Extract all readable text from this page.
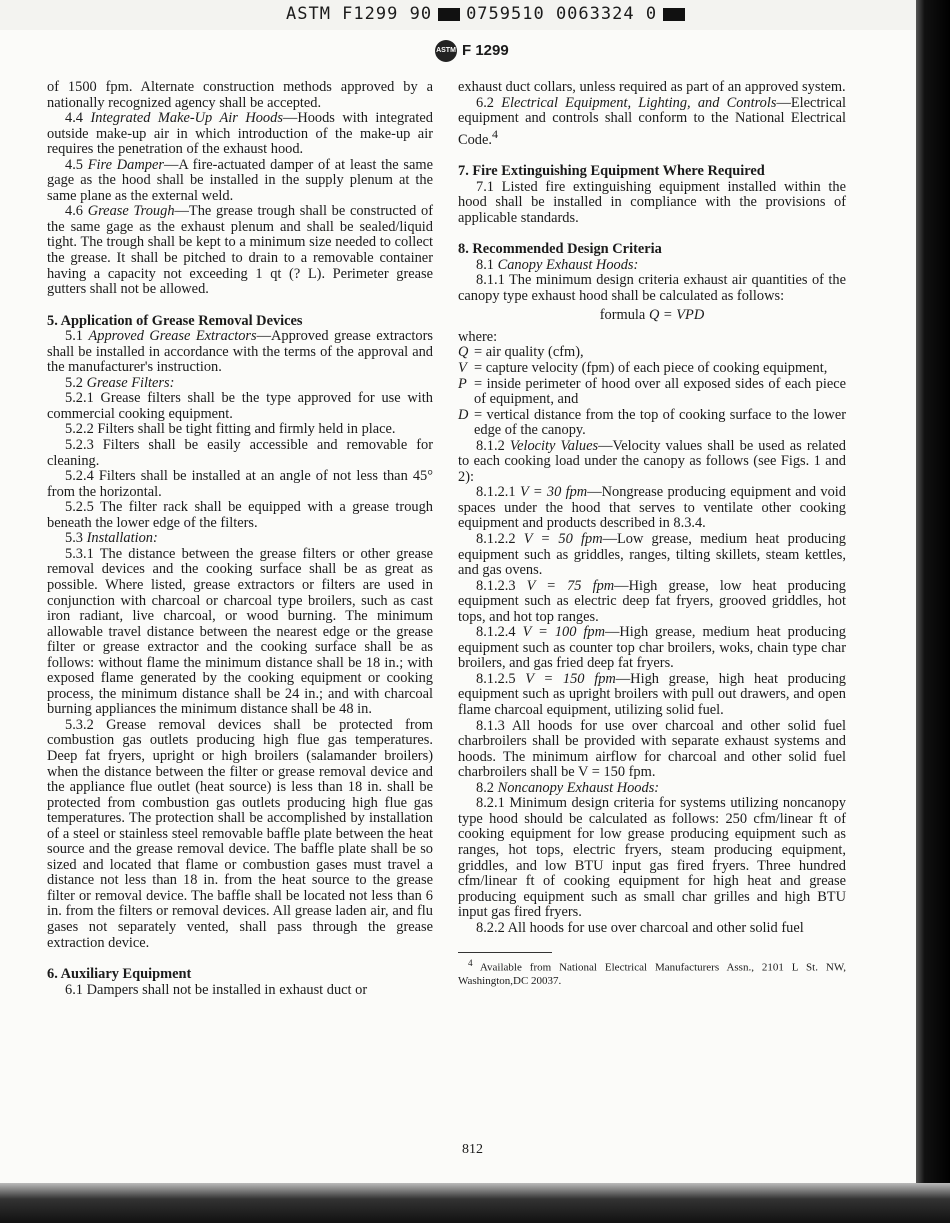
ASTM F1299 90 0759510 0063324 0
ASTM F 1299

of 1500 fpm. Alternate construction methods approved by a nationally recognized agency shall be accepted.

4.4 Integrated Make-Up Air Hoods—Hoods with integrated outside make-up air in which introduction of the make-up air requires the penetration of the exhaust hood.

4.5 Fire Damper—A fire-actuated damper of at least the same gage as the hood shall be installed in the supply plenum at the same plane as the external weld.

4.6 Grease Trough—The grease trough shall be constructed of the same gage as the exhaust plenum and shall be sealed/liquid tight. The trough shall be kept to a minimum size needed to collect the grease. It shall be pitched to drain to a removable container having a capacity not exceeding 1 qt (? L). Perimeter grease gutters shall not be allowed.

5. Application of Grease Removal Devices

5.1 Approved Grease Extractors—Approved grease extractors shall be installed in accordance with the terms of the approval and the manufacturer's instruction.

5.2 Grease Filters:

5.2.1 Grease filters shall be the type approved for use with commercial cooking equipment.

5.2.2 Filters shall be tight fitting and firmly held in place.

5.2.3 Filters shall be easily accessible and removable for cleaning.

5.2.4 Filters shall be installed at an angle of not less than 45° from the horizontal.

5.2.5 The filter rack shall be equipped with a grease trough beneath the lower edge of the filters.

5.3 Installation:

5.3.1 The distance between the grease filters or other grease removal devices and the cooking surface shall be as great as possible. Where listed, grease extractors or filters are used in conjunction with charcoal or charcoal type broilers, such as cast iron radiant, live charcoal, or wood burning. The minimum allowable travel distance between the nearest edge or the grease filter or grease extractor and the cooking surface shall be as follows: without flame the minimum distance shall be 18 in.; with exposed flame generated by the cooking equipment or cooking process, the minimum distance shall be 24 in.; and with charcoal burning appliances the minimum distance shall be 48 in.

5.3.2 Grease removal devices shall be protected from combustion gas outlets producing high flue gas temperatures. Deep fat fryers, upright or high broilers (salamander broilers) when the distance between the filter or grease removal device and the appliance flue outlet (heat source) is less than 18 in. shall be protected from combustion gas outlets producing high flue gas temperatures. The protection shall be accomplished by installation of a steel or stainless steel removable baffle plate between the heat source and the grease removal device. The baffle plate shall be so sized and located that flame or combustion gases must travel a distance not less than 18 in. from the heat source to the grease filter or removal device. The baffle shall be located not less than 6 in. from the filters or removal devices. All grease laden air, and flu gases not separately vented, shall pass through the grease extraction device.

6. Auxiliary Equipment

6.1 Dampers shall not be installed in exhaust duct or

exhaust duct collars, unless required as part of an approved system.

6.2 Electrical Equipment, Lighting, and Controls—Electrical equipment and controls shall conform to the National Electrical Code.$^4$

7. Fire Extinguishing Equipment Where Required

7.1 Listed fire extinguishing equipment installed within the hood shall be installed in compliance with the provisions of applicable standards.

8. Recommended Design Criteria

8.1 Canopy Exhaust Hoods:

8.1.1 The minimum design criteria exhaust air quantities of the canopy type exhaust hood shall be calculated as follows:

formula Q = VPD

where:

Q = air quality (cfm),
V = capture velocity (fpm) of each piece of cooking equipment,
P = inside perimeter of hood over all exposed sides of each piece of equipment, and
D = vertical distance from the top of cooking surface to the lower edge of the canopy.

8.1.2 Velocity Values—Velocity values shall be used as related to each cooking load under the canopy as follows (see Figs. 1 and 2):

8.1.2.1 V = 30 fpm—Nongrease producing equipment and void spaces under the hood that serves to ventilate other cooking equipment and products described in 8.3.4.

8.1.2.2 V = 50 fpm—Low grease, medium heat producing equipment such as griddles, ranges, tilting skillets, steam kettles, and gas ovens.

8.1.2.3 V = 75 fpm—High grease, low heat producing equipment such as electric deep fat fryers, grooved griddles, hot tops, and hot top ranges.

8.1.2.4 V = 100 fpm—High grease, medium heat producing equipment such as counter top char broilers, woks, chain type char broilers, and gas fried deep fat fryers.

8.1.2.5 V = 150 fpm—High grease, high heat producing equipment such as upright broilers with pull out drawers, and open flame charcoal equipment, utilizing solid fuel.

8.1.3 All hoods for use over charcoal and other solid fuel charbroilers shall be provided with separate exhaust systems and hoods. The minimum airflow for charcoal and other solid fuel charbroilers shall be V = 150 fpm.

8.2 Noncanopy Exhaust Hoods:

8.2.1 Minimum design criteria for systems utilizing noncanopy type hood should be calculated as follows: 250 cfm/linear ft of cooking equipment for low grease producing equipment such as ranges, hot tops, electric fryers, steam producing equipment, griddles, and low BTU input gas fired fryers. Three hundred cfm/linear ft of cooking equipment for high heat and grease producing equipment such as small char grilles and high BTU input gas fired fryers.

8.2.2 All hoods for use over charcoal and other solid fuel

$^4$ Available from National Electrical Manufacturers Assn., 2101 L St. NW, Washington,DC 20037.

812
